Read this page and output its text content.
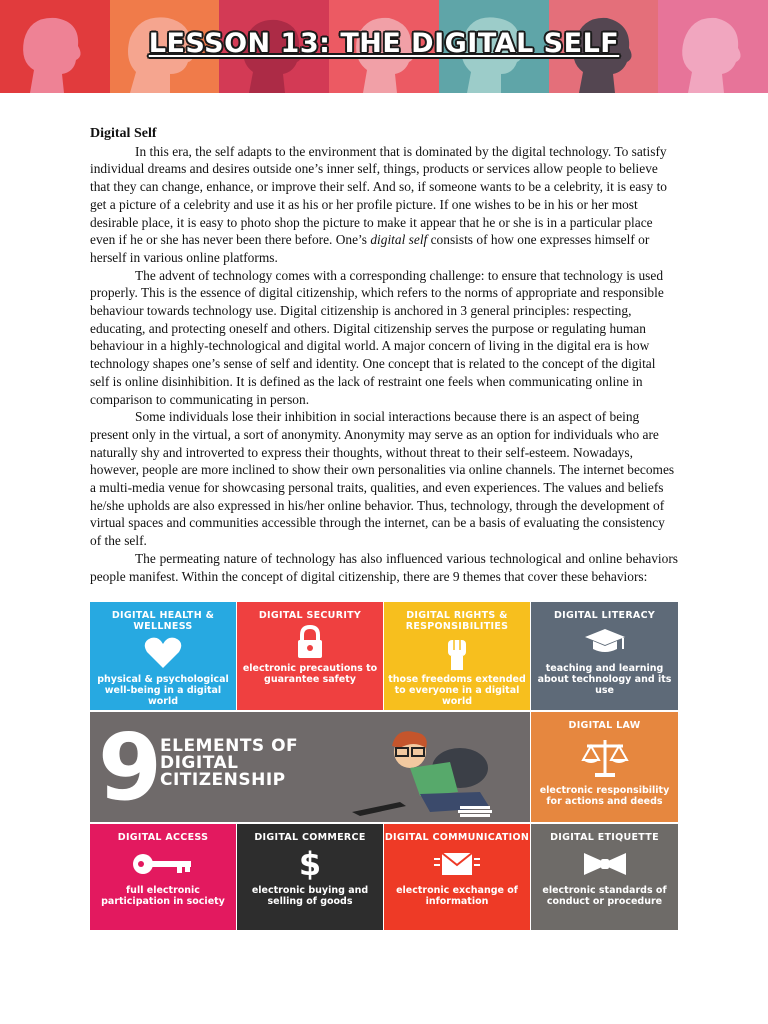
LESSON 13: THE DIGITAL SELF
Digital Self

In this era, the self adapts to the environment that is dominated by the digital technology. To satisfy individual dreams and desires outside one’s inner self, things, products or services allow people to believe that they can change, enhance, or improve their self. And so, if someone wants to be a celebrity, it is easy to get a picture of a celebrity and use it as his or her profile picture. If one wishes to be in his or her most desirable place, it is easy to photo shop the picture to make it appear that he or she is in a particular place even if he or she has never been there before. One’s digital self consists of how one expresses himself or herself in various online platforms.

The advent of technology comes with a corresponding challenge: to ensure that technology is used properly. This is the essence of digital citizenship, which refers to the norms of appropriate and responsible behaviour towards technology use. Digital citizenship is anchored in 3 general principles: respecting, educating, and protecting oneself and others. Digital citizenship serves the purpose or regulating human behaviour in a highly-technological and digital world. A major concern of living in the digital era is how technology shapes one’s sense of self and identity. One concept that is related to the concept of the digital self is online disinhibition. It is defined as the lack of restraint one feels when communicating online in comparison to communicating in person.

Some individuals lose their inhibition in social interactions because there is an aspect of being present only in the virtual, a sort of anonymity. Anonymity may serve as an option for individuals who are naturally shy and introverted to express their thoughts, without threat to their self-esteem. Nowadays, however, people are more inclined to show their own personalities via online channels. The internet becomes a multi-media venue for showcasing personal traits, qualities, and even experiences. The values and beliefs he/she upholds are also expressed in his/her online behavior. Thus, technology, through the development of virtual spaces and communities accessible through the internet, can be a basis of evaluating the consistency of the self.

The permeating nature of technology has also influenced various technological and online behaviors people manifest. Within the concept of digital citizenship, there are 9 themes that cover these behaviors:

DIGITAL HEALTH & WELLNESS
physical & psychological well-being in a digital world
DIGITAL SECURITY
electronic precautions to guarantee safety
DIGITAL RIGHTS & RESPONSIBILITIES
those freedoms extended to everyone in a digital world
DIGITAL LITERACY
teaching and learning about technology and its use
9
ELEMENTS OF
DIGITAL
CITIZENSHIP
DIGITAL LAW
electronic responsibility for actions and deeds
DIGITAL ACCESS
full electronic participation in society
DIGITAL COMMERCE
$
electronic buying and selling of goods
DIGITAL COMMUNICATION
electronic exchange of information
DIGITAL ETIQUETTE
electronic standards of conduct or procedure
